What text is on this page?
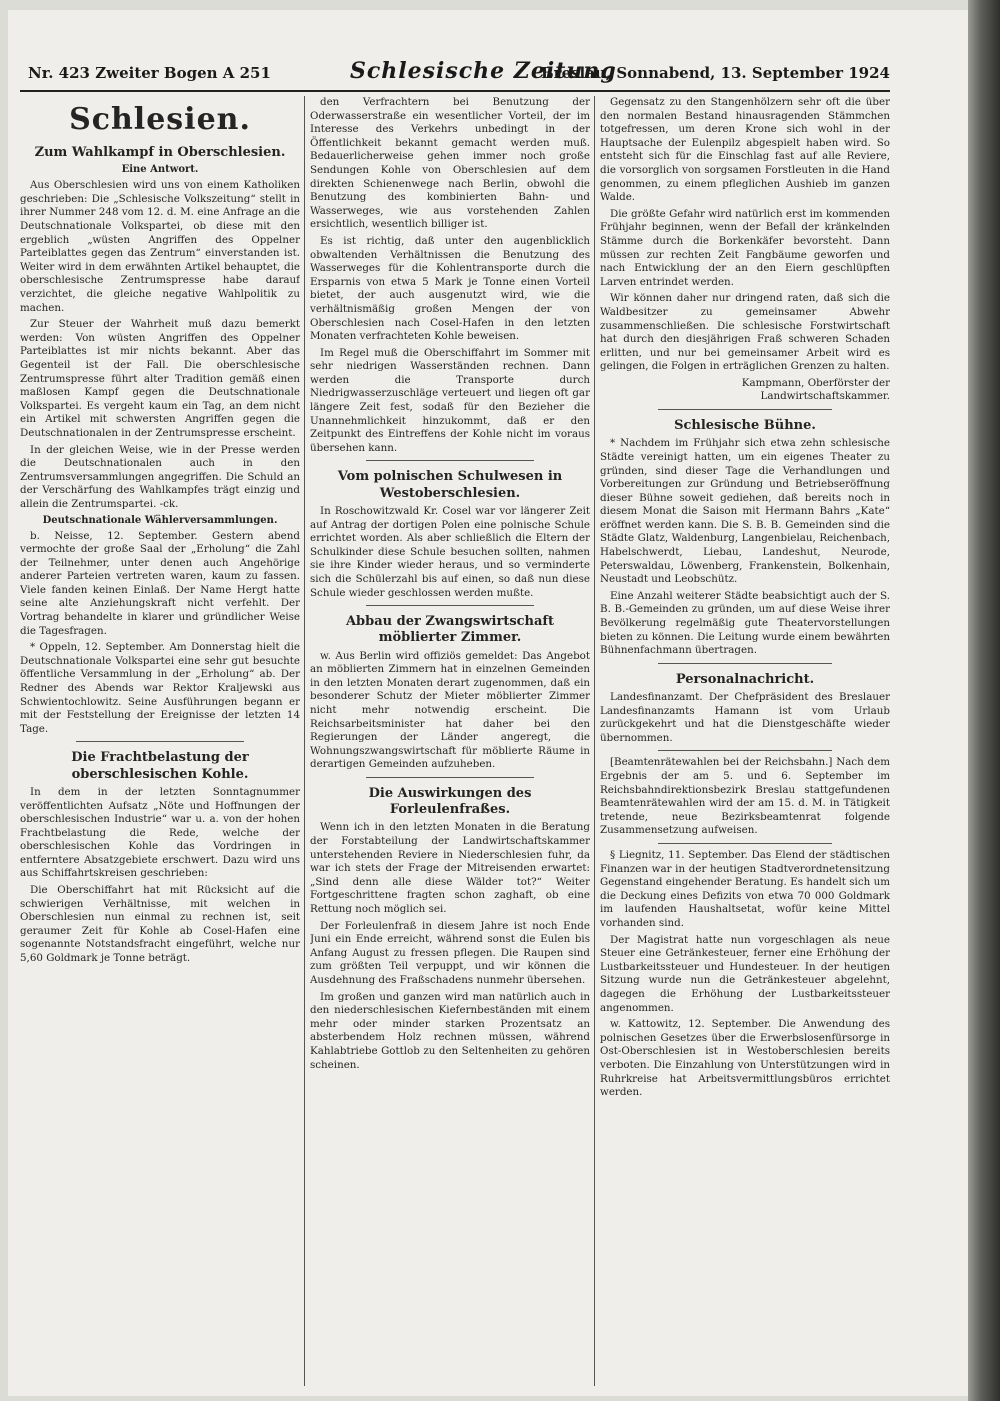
Nr. 423 Zweiter Bogen A 251	Schlesische Zeitung
Breslau, Sonnabend, 13. September 1924
Schlesien.
Zum Wahlkampf in Oberschlesien.
Eine Antwort.

Aus Oberschlesien wird uns von einem Katholiken geschrieben: Die „Schlesische Volkszeitung“ stellt in ihrer Nummer 248 vom 12. d. M. eine Anfrage an die Deutschnationale Volkspartei, ob diese mit den ergeblich „wüsten Angriffen des Oppelner Parteiblattes gegen das Zentrum“ einverstanden ist. Weiter wird in dem erwähnten Artikel behauptet, die oberschlesische Zentrumspresse habe darauf verzichtet, die gleiche negative Wahlpolitik zu machen.

Zur Steuer der Wahrheit muß dazu bemerkt werden: Von wüsten Angriffen des Oppelner Parteiblattes ist mir nichts bekannt. Aber das Gegenteil ist der Fall. Die oberschlesische Zentrumspresse führt alter Tradition gemäß einen maßlosen Kampf gegen die Deutschnationale Volkspartei. Es vergeht kaum ein Tag, an dem nicht ein Artikel mit schwersten Angriffen gegen die Deutschnationalen in der Zentrumspresse erscheint.

In der gleichen Weise, wie in der Presse werden die Deutschnationalen auch in den Zentrumsversammlungen angegriffen. Die Schuld an der Verschärfung des Wahlkampfes trägt einzig und allein die Zentrumspartei. -ck.

Deutschnationale Wählerversammlungen.

b. Neisse, 12. September. Gestern abend vermochte der große Saal der „Erholung“ die Zahl der Teilnehmer, unter denen auch Angehörige anderer Parteien vertreten waren, kaum zu fassen. Viele fanden keinen Einlaß. Der Name Hergt hatte seine alte Anziehungskraft nicht verfehlt. Der Vortrag behandelte in klarer und gründlicher Weise die Tagesfragen.

* Oppeln, 12. September. Am Donnerstag hielt die Deutschnationale Volkspartei eine sehr gut besuchte öffentliche Versammlung in der „Erholung“ ab. Der Redner des Abends war Rektor Kraljewski aus Schwientochlowitz. Seine Ausführungen begann er mit der Feststellung der Ereignisse der letzten 14 Tage.

Die Frachtbelastung der oberschlesischen Kohle.

In dem in der letzten Sonntagnummer veröffentlichten Aufsatz „Nöte und Hoffnungen der oberschlesischen Industrie“ war u. a. von der hohen Frachtbelastung die Rede, welche der oberschlesischen Kohle das Vordringen in entferntere Absatzgebiete erschwert. Dazu wird uns aus Schiffahrtskreisen geschrieben:

Die Oberschiffahrt hat mit Rücksicht auf die schwierigen Verhältnisse, mit welchen in Oberschlesien nun einmal zu rechnen ist, seit geraumer Zeit für Kohle ab Cosel-Hafen eine sogenannte Notstandsfracht eingeführt, welche nur 5,60 Goldmark je Tonne beträgt.

den Verfrachtern bei Benutzung der Oderwasserstraße ein wesentlicher Vorteil, der im Interesse des Verkehrs unbedingt in der Öffentlichkeit bekannt gemacht werden muß. Bedauerlicherweise gehen immer noch große Sendungen Kohle von Oberschlesien auf dem direkten Schienenwege nach Berlin, obwohl die Benutzung des kombinierten Bahn- und Wasserweges, wie aus vorstehenden Zahlen ersichtlich, wesentlich billiger ist.

Es ist richtig, daß unter den augenblicklich obwaltenden Verhältnissen die Benutzung des Wasserweges für die Kohlentransporte durch die Ersparnis von etwa 5 Mark je Tonne einen Vorteil bietet, der auch ausgenutzt wird, wie die verhältnismäßig großen Mengen der von Oberschlesien nach Cosel-Hafen in den letzten Monaten verfrachteten Kohle beweisen.

Im Regel muß die Oberschiffahrt im Sommer mit sehr niedrigen Wasserständen rechnen. Dann werden die Transporte durch Niedrigwasserzuschläge verteuert und liegen oft gar längere Zeit fest, sodaß für den Bezieher die Unannehmlichkeit hinzukommt, daß er den Zeitpunkt des Eintreffens der Kohle nicht im voraus übersehen kann.

Vom polnischen Schulwesen in Westoberschlesien.

In Roschowitzwald Kr. Cosel war vor längerer Zeit auf Antrag der dortigen Polen eine polnische Schule errichtet worden. Als aber schließlich die Eltern der Schulkinder diese Schule besuchen sollten, nahmen sie ihre Kinder wieder heraus, und so verminderte sich die Schülerzahl bis auf einen, so daß nun diese Schule wieder geschlossen werden mußte.

Abbau der Zwangswirtschaft möblierter Zimmer.

w. Aus Berlin wird offiziös gemeldet: Das Angebot an möblierten Zimmern hat in einzelnen Gemeinden in den letzten Monaten derart zugenommen, daß ein besonderer Schutz der Mieter möblierter Zimmer nicht mehr notwendig erscheint. Die Reichsarbeitsminister hat daher bei den Regierungen der Länder angeregt, die Wohnungszwangswirtschaft für möblierte Räume in derartigen Gemeinden aufzuheben.

Die Auswirkungen des Forleulenfraßes.

Wenn ich in den letzten Monaten in die Beratung der Forstabteilung der Landwirtschaftskammer unterstehenden Reviere in Niederschlesien fuhr, da war ich stets der Frage der Mitreisenden erwartet: „Sind denn alle diese Wälder tot?“ Weiter Fortgeschrittene fragten schon zaghaft, ob eine Rettung noch möglich sei.

Der Forleulenfraß in diesem Jahre ist noch Ende Juni ein Ende erreicht, während sonst die Eulen bis Anfang August zu fressen pflegen. Die Raupen sind zum größten Teil verpuppt, und wir können die Ausdehnung des Fraßschadens nunmehr übersehen.

Im großen und ganzen wird man natürlich auch in den niederschlesischen Kiefernbeständen mit einem mehr oder minder starken Prozentsatz an absterbendem Holz rechnen müssen, während Kahlabtriebe Gottlob zu den Seltenheiten zu gehören scheinen.

Gegensatz zu den Stangenhölzern sehr oft die über den normalen Bestand hinausragenden Stämmchen totgefressen, um deren Krone sich wohl in der Hauptsache der Eulenpilz abgespielt haben wird. So entsteht sich für die Einschlag fast auf alle Reviere, die vorsorglich von sorgsamen Forstleuten in die Hand genommen, zu einem pfleglichen Aushieb im ganzen Walde.

Die größte Gefahr wird natürlich erst im kommenden Frühjahr beginnen, wenn der Befall der kränkelnden Stämme durch die Borkenkäfer bevorsteht. Dann müssen zur rechten Zeit Fangbäume geworfen und nach Entwicklung der an den Eiern geschlüpften Larven entrindet werden.

Wir können daher nur dringend raten, daß sich die Waldbesitzer zu gemeinsamer Abwehr zusammenschließen. Die schlesische Forstwirtschaft hat durch den diesjährigen Fraß schweren Schaden erlitten, und nur bei gemeinsamer Arbeit wird es gelingen, die Folgen in erträglichen Grenzen zu halten.

Kampmann, Oberförster der Landwirtschaftskammer.

Schlesische Bühne.

* Nachdem im Frühjahr sich etwa zehn schlesische Städte vereinigt hatten, um ein eigenes Theater zu gründen, sind dieser Tage die Verhandlungen und Vorbereitungen zur Gründung und Betriebseröffnung dieser Bühne soweit gediehen, daß bereits noch in diesem Monat die Saison mit Hermann Bahrs „Kate“ eröffnet werden kann. Die S. B. B. Gemeinden sind die Städte Glatz, Waldenburg, Langenbielau, Reichenbach, Habelschwerdt, Liebau, Landeshut, Neurode, Peterswaldau, Löwenberg, Frankenstein, Bolkenhain, Neustadt und Leobschütz.

Eine Anzahl weiterer Städte beabsichtigt auch der S. B. B.-Gemeinden zu gründen, um auf diese Weise ihrer Bevölkerung regelmäßig gute Theatervorstellungen bieten zu können. Die Leitung wurde einem bewährten Bühnenfachmann übertragen.

Personalnachricht.

Landesfinanzamt. Der Chefpräsident des Breslauer Landesfinanzamts Hamann ist vom Urlaub zurückgekehrt und hat die Dienstgeschäfte wieder übernommen.

[Beamtenrätewahlen bei der Reichsbahn.] Nach dem Ergebnis der am 5. und 6. September im Reichsbahndirektionsbezirk Breslau stattgefundenen Beamtenrätewahlen wird der am 15. d. M. in Tätigkeit tretende, neue Bezirksbeamtenrat folgende Zusammensetzung aufweisen.

§ Liegnitz, 11. September. Das Elend der städtischen Finanzen war in der heutigen Stadtverordnetensitzung Gegenstand eingehender Beratung. Es handelt sich um die Deckung eines Defizits von etwa 70 000 Goldmark im laufenden Haushaltsetat, wofür keine Mittel vorhanden sind.

Der Magistrat hatte nun vorgeschlagen als neue Steuer eine Getränkesteuer, ferner eine Erhöhung der Lustbarkeitssteuer und Hundesteuer. In der heutigen Sitzung wurde nun die Getränkesteuer abgelehnt, dagegen die Erhöhung der Lustbarkeitssteuer angenommen.

w. Kattowitz, 12. September. Die Anwendung des polnischen Gesetzes über die Erwerbslosenfürsorge in Ost-Oberschlesien ist in Westoberschlesien bereits verboten. Die Einzahlung von Unterstützungen wird in Ruhrkreise hat Arbeitsvermittlungsbüros errichtet werden.
